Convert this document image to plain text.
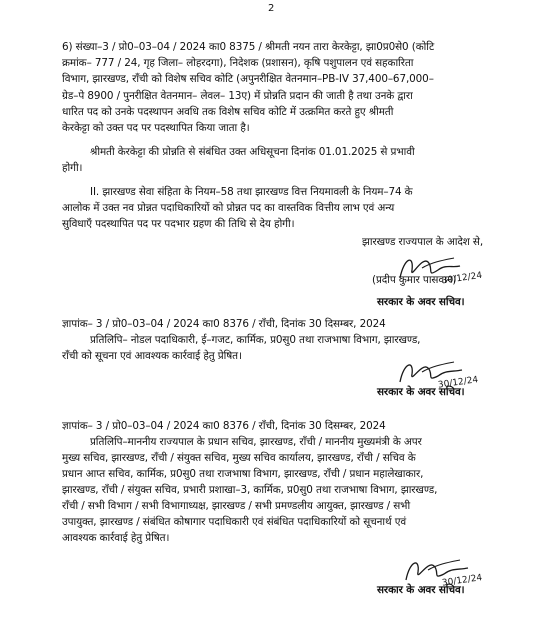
2
6) संख्या–3 / प्रो0–03–04 / 2024 का0 8375 / श्रीमती नयन तारा केरकेट्टा, झा0प्र0से0 (कोटि
क्रमांक– 777 / 24, गृह जिला– लोहरदगा), निदेशक (प्रशासन), कृषि पशुपालन एवं सहकारिता
विभाग, झारखण्ड, राँची को विशेष सचिव कोटि (अपुनरीक्षित वेतनमान–PB-IV 37,400–67,000–
ग्रेड–पे 8900 / पुनरीक्षित वेतनमान– लेवल– 13ए) में प्रोन्नति प्रदान की जाती है तथा उनके द्वारा
धारित पद को उनके पदस्थापन अवधि तक विशेष सचिव कोटि में उत्क्रमित करते हुए श्रीमती
केरकेट्टा को उक्त पद पर पदस्थापित किया जाता है।
श्रीमती केरकेट्टा की प्रोन्नति से संबंधित उक्त अधिसूचना दिनांक 01.01.2025 से प्रभावी
होगी।
II. झारखण्ड सेवा संहिता के नियम–58 तथा झारखण्ड वित्त नियमावली के नियम–74 के
आलोक में उक्त नव प्रोन्नत पदाधिकारियों को प्रोन्नत पद का वास्तविक वित्तीय लाभ एवं अन्य
सुविधाएँ पदस्थापित पद पर पदभार ग्रहण की तिथि से देय होगी।
झारखण्ड राज्यपाल के आदेश से,
30/12/24
(प्रदीप कुमार पासवान)
सरकार के अवर सचिव।
ज्ञापांक– 3 / प्रो0–03–04 / 2024 का0 8376 / राँची, दिनांक 30 दिसम्बर, 2024
प्रतिलिपि– नोडल पदाधिकारी, ई–गजट, कार्मिक, प्र0सु0 तथा राजभाषा विभाग, झारखण्ड,
राँची को सूचना एवं आवश्यक कार्रवाई हेतु प्रेषित।
30/12/24
सरकार के अवर सचिव।
ज्ञापांक– 3 / प्रो0–03–04 / 2024 का0 8376 / राँची, दिनांक 30 दिसम्बर, 2024
प्रतिलिपि–माननीय राज्यपाल के प्रधान सचिव, झारखण्ड, राँची / माननीय मुख्यमंत्री के अपर
मुख्य सचिव, झारखण्ड, राँची / संयुक्त सचिव, मुख्य सचिव कार्यालय, झारखण्ड, राँची / सचिव के
प्रधान आप्त सचिव, कार्मिक, प्र0सु0 तथा राजभाषा विभाग, झारखण्ड, राँची / प्रधान महालेखाकार,
झारखण्ड, राँची / संयुक्त सचिव, प्रभारी प्रशाखा–3, कार्मिक, प्र0सु0 तथा राजभाषा विभाग, झारखण्ड,
राँची / सभी विभाग / सभी विभागाध्यक्ष, झारखण्ड / सभी प्रमण्डलीय आयुक्त, झारखण्ड / सभी
उपायुक्त, झारखण्ड / संबंधित कोषागार पदाधिकारी एवं संबंधित पदाधिकारियों को सूचनार्थ एवं
आवश्यक कार्रवाई हेतु प्रेषित।
30/12/24
सरकार के अवर सचिव।
